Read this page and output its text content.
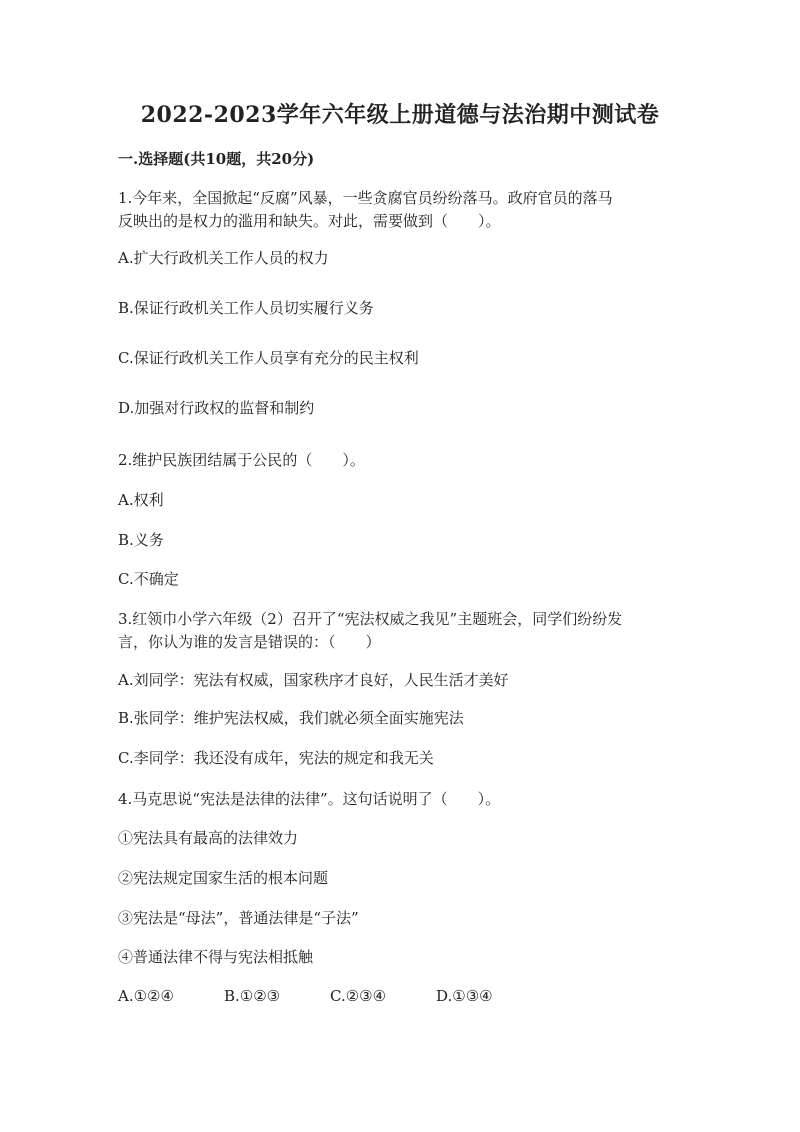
2022-2023学年六年级上册道德与法治期中测试卷
一.选择题(共10题，共20分)
1.今年来，全国掀起“反腐”风暴，一些贪腐官员纷纷落马。政府官员的落马
反映出的是权力的滥用和缺失。对此，需要做到（　　）。
A.扩大行政机关工作人员的权力
B.保证行政机关工作人员切实履行义务
C.保证行政机关工作人员享有充分的民主权利
D.加强对行政权的监督和制约
2.维护民族团结属于公民的（　　）。
A.权利
B.义务
C.不确定
3.红领巾小学六年级（2）召开了“宪法权威之我见”主题班会，同学们纷纷发
言，你认为谁的发言是错误的：（　　）
A.刘同学：宪法有权威，国家秩序才良好，人民生活才美好
B.张同学：维护宪法权威，我们就必须全面实施宪法
C.李同学：我还没有成年，宪法的规定和我无关
4.马克思说“宪法是法律的法律”。这句话说明了（　　）。
①宪法具有最高的法律效力
②宪法规定国家生活的根本问题
③宪法是“母法”，普通法律是“子法”
④普通法律不得与宪法相抵触
A.①②④	B.①②③	C.②③④	D.①③④
